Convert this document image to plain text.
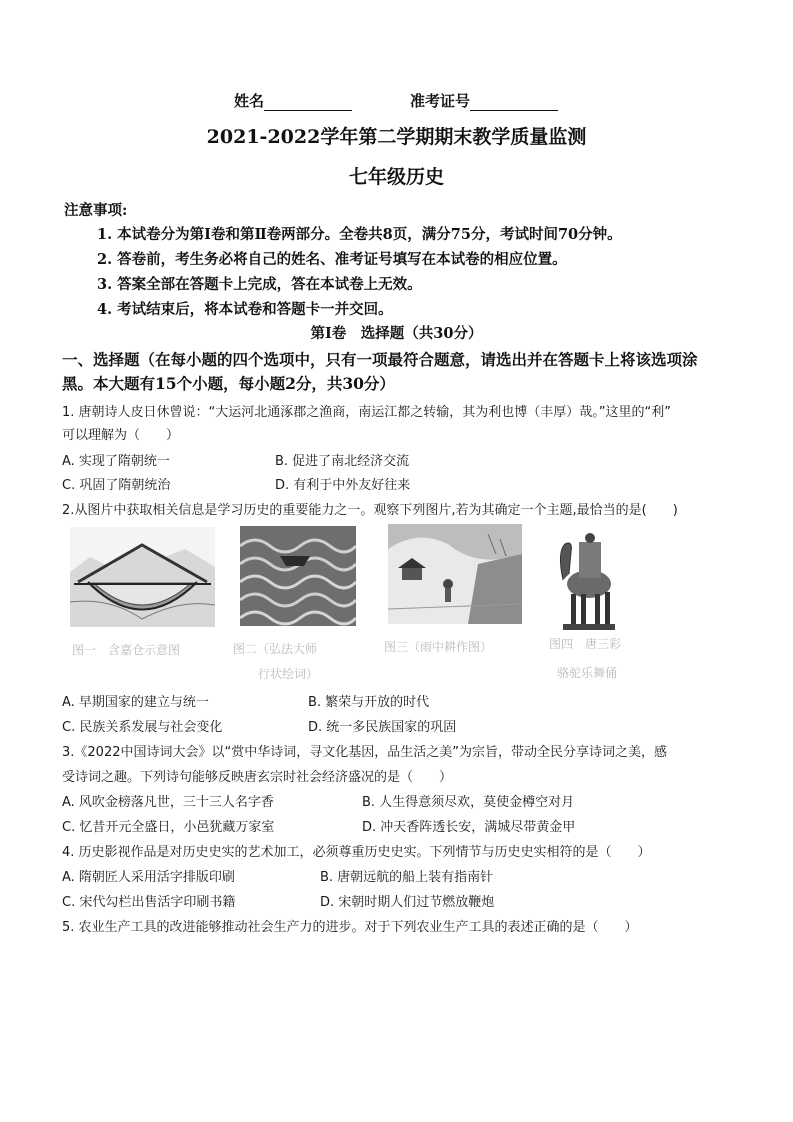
姓名	准考证号
2021-2022学年第二学期期末教学质量监测
七年级历史
注意事项:
1. 本试卷分为第Ⅰ卷和第Ⅱ卷两部分。全卷共8页，满分75分，考试时间70分钟。
2. 答卷前，考生务必将自己的姓名、准考证号填写在本试卷的相应位置。
3. 答案全部在答题卡上完成，答在本试卷上无效。
4. 考试结束后，将本试卷和答题卡一并交回。
第Ⅰ卷　选择题（共30分）
一、选择题（在每小题的四个选项中，只有一项最符合题意，请选出并在答题卡上将该选项涂
黑。本大题有15个小题，每小题2分，共30分）
1. 唐朝诗人皮日休曾说：“大运河北通涿郡之渔商，南运江都之转输，其为利也博（丰厚）哉。”这里的“利”
可以理解为（　　）
A. 实现了隋朝统一	B. 促进了南北经济交流
C. 巩固了隋朝统治	D. 有利于中外友好往来
2.从图片中获取相关信息是学习历史的重要能力之一。观察下列图片,若为其确定一个主题,最恰当的是(　　)
图一　含嘉仓示意图	图二（弘法大师
行状绘词）
图三（雨中耕作图）	图四　唐三彩
骆驼乐舞俑
A. 早期国家的建立与统一	B. 繁荣与开放的时代
C. 民族关系发展与社会变化	D. 统一多民族国家的巩固
3.《2022中国诗词大会》以“赏中华诗词，寻文化基因，品生活之美”为宗旨，带动全民分享诗词之美，感
受诗词之趣。下列诗句能够反映唐玄宗时社会经济盛况的是（　　）
A. 风吹金榜落凡世，三十三人名字香	B. 人生得意须尽欢，莫使金樽空对月
C. 忆昔开元全盛日，小邑犹藏万家室	D. 冲天香阵透长安，满城尽带黄金甲
4. 历史影视作品是对历史史实的艺术加工，必须尊重历史史实。下列情节与历史史实相符的是（　　）
A. 隋朝匠人采用活字排版印刷	B. 唐朝远航的船上装有指南针
C. 宋代勾栏出售活字印刷书籍	D. 宋朝时期人们过节燃放鞭炮
5. 农业生产工具的改进能够推动社会生产力的进步。对于下列农业生产工具的表述正确的是（　　）
